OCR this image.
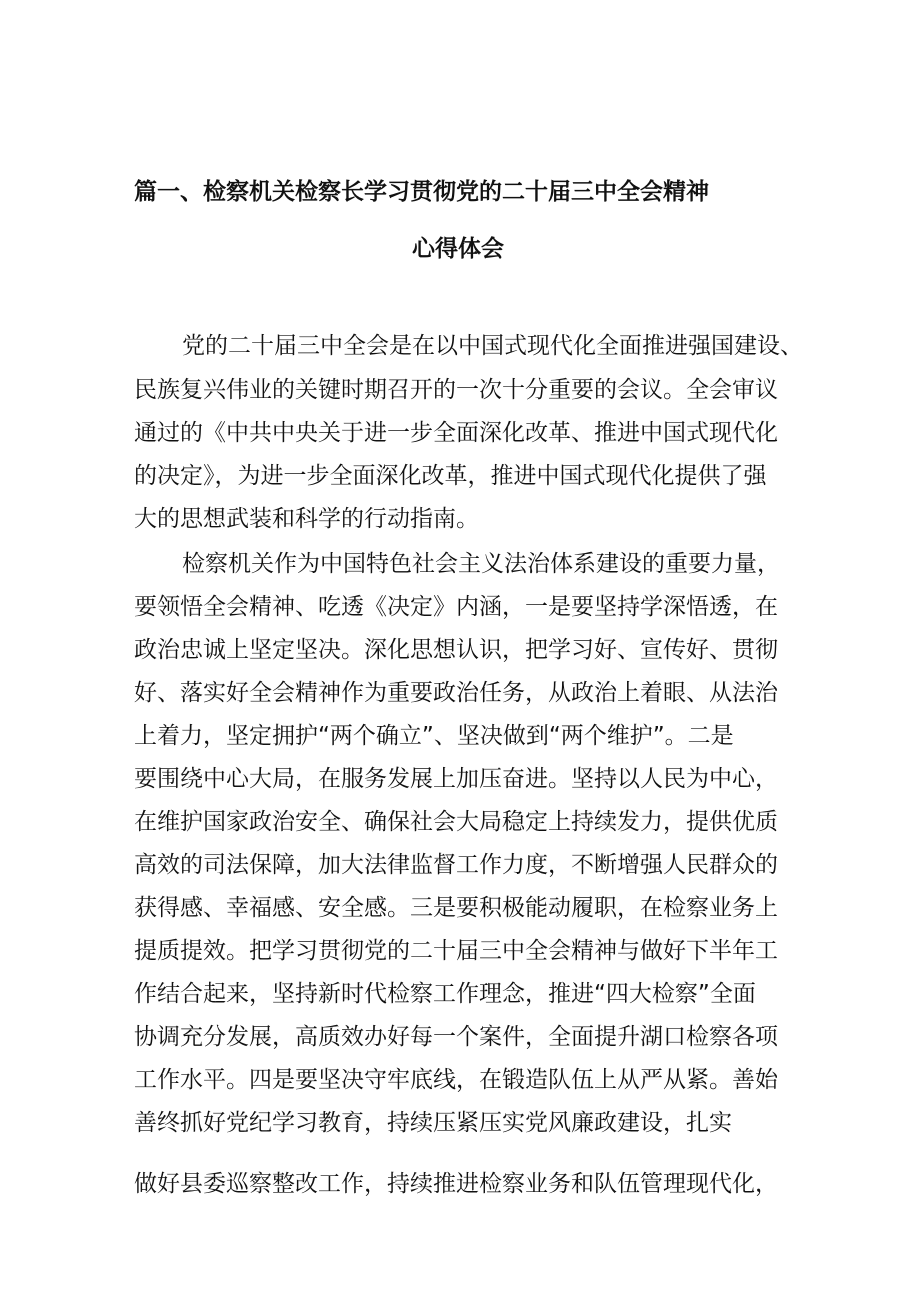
篇一、检察机关检察长学习贯彻党的二十届三中全会精神
心得体会
党的二十届三中全会是在以中国式现代化全面推进强国建设、
民族复兴伟业的关键时期召开的一次十分重要的会议。全会审议
通过的《中共中央关于进一步全面深化改革、推进中国式现代化
的决定》，为进一步全面深化改革，推进中国式现代化提供了强
大的思想武装和科学的行动指南。
检察机关作为中国特色社会主义法治体系建设的重要力量，
要领悟全会精神、吃透《决定》内涵，一是要坚持学深悟透，在
政治忠诚上坚定坚决。深化思想认识，把学习好、宣传好、贯彻
好、落实好全会精神作为重要政治任务，从政治上着眼、从法治
上着力，坚定拥护“两个确立”、坚决做到“两个维护”。二是
要围绕中心大局，在服务发展上加压奋进。坚持以人民为中心，
在维护国家政治安全、确保社会大局稳定上持续发力，提供优质
高效的司法保障，加大法律监督工作力度，不断增强人民群众的
获得感、幸福感、安全感。三是要积极能动履职，在检察业务上
提质提效。把学习贯彻党的二十届三中全会精神与做好下半年工
作结合起来，坚持新时代检察工作理念，推进“四大检察”全面
协调充分发展，高质效办好每一个案件，全面提升湖口检察各项
工作水平。四是要坚决守牢底线，在锻造队伍上从严从紧。善始
善终抓好党纪学习教育，持续压紧压实党风廉政建设，扎实
做好县委巡察整改工作，持续推进检察业务和队伍管理现代化，
